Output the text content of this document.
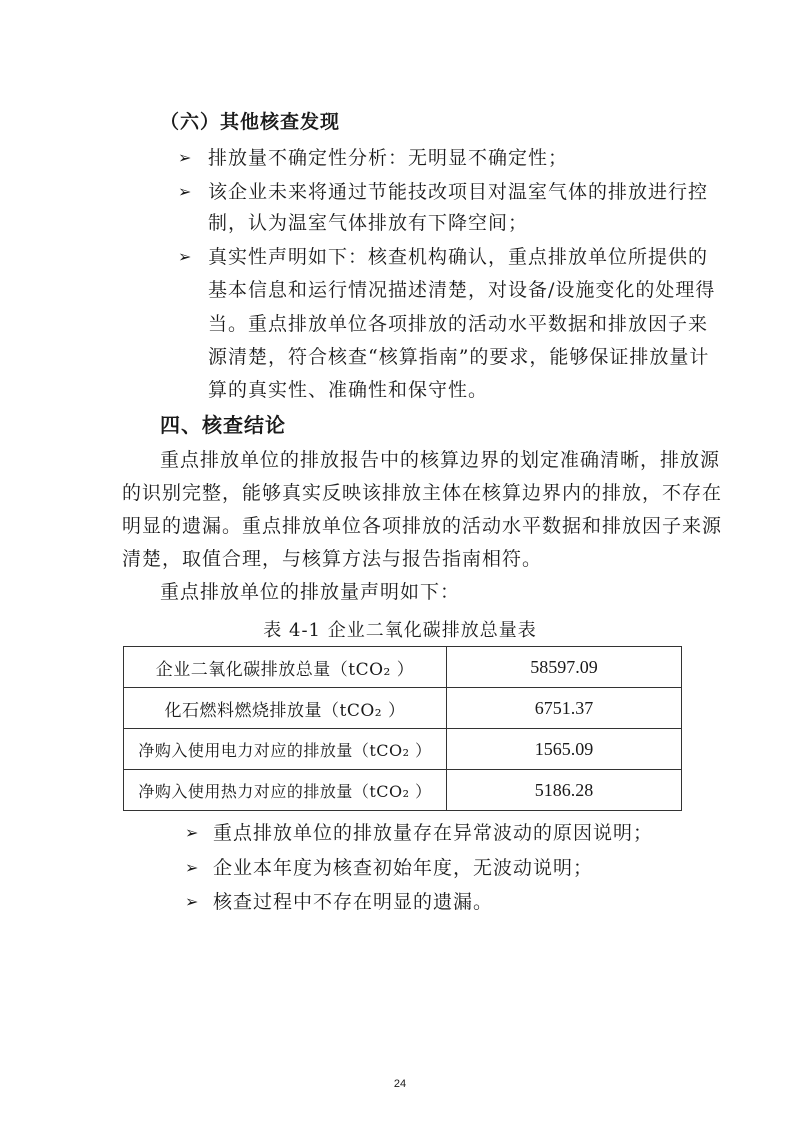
（六）其他核查发现
➢ 排放量不确定性分析：无明显不确定性；
➢ 该企业未来将通过节能技改项目对温室气体的排放进行控
制，认为温室气体排放有下降空间；
➢ 真实性声明如下：核查机构确认，重点排放单位所提供的
基本信息和运行情况描述清楚，对设备/设施变化的处理得
当。重点排放单位各项排放的活动水平数据和排放因子来
源清楚，符合核查“核算指南”的要求，能够保证排放量计
算的真实性、准确性和保守性。
四、核查结论
重点排放单位的排放报告中的核算边界的划定准确清晰，排放源
的识别完整，能够真实反映该排放主体在核算边界内的排放，不存在
明显的遗漏。重点排放单位各项排放的活动水平数据和排放因子来源
清楚，取值合理，与核算方法与报告指南相符。
重点排放单位的排放量声明如下：
表 4-1 企业二氧化碳排放总量表
企业二氧化碳排放总量（tCO₂ ）	58597.09
化石燃料燃烧排放量（tCO₂ ）	6751.37
净购入使用电力对应的排放量（tCO₂ ）	1565.09
净购入使用热力对应的排放量（tCO₂ ）	5186.28
➢ 重点排放单位的排放量存在异常波动的原因说明；
➢ 企业本年度为核查初始年度，无波动说明；
➢ 核查过程中不存在明显的遗漏。
24
